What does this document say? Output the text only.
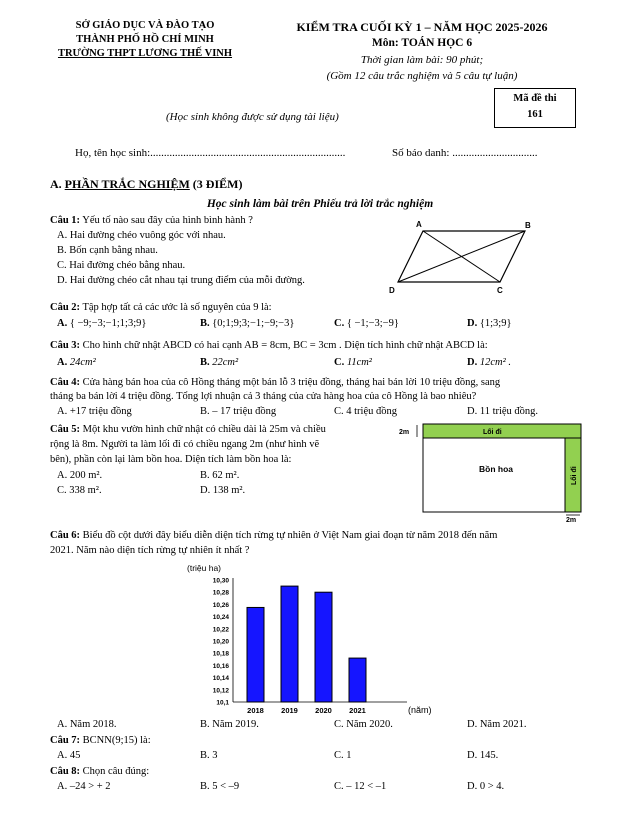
SỞ GIÁO DỤC VÀ ĐÀO TẠO
THÀNH PHỐ HỒ CHÍ MINH
TRƯỜNG THPT LƯƠNG THẾ VINH
KIỂM TRA CUỐI KỲ 1 – NĂM HỌC 2025-2026
Môn: TOÁN HỌC 6
Thời gian làm bài: 90 phút;
(Gồm 12 câu trắc nghiệm và 5 câu tự luận)
(Học sinh không được sử dụng tài liệu)
Mã đề thi
161
Họ, tên học sinh:.......................................................................	Số báo danh: ...............................
A. PHẦN TRẮC NGHIỆM (3 ĐIỂM)
Học sinh làm bài trên Phiếu trả lời trắc nghiệm
Câu 1: Yếu tố nào sau đây của hình bình hành ?
A. Hai đường chéo vuông góc với nhau.
B. Bốn cạnh bằng nhau.
C. Hai đường chéo bằng nhau.
D. Hai đường chéo cắt nhau tại trung điểm của mỗi đường.
A	B
C
D
Câu 2: Tập hợp tất cả các ước là số nguyên của 9 là:
A. { −9;−3;−1;1;3;9}	B. {0;1;9;3;−1;−9;−3}	C. { −1;−3;−9}	D. {1;3;9}
Câu 3: Cho hình chữ nhật ABCD có hai cạnh AB = 8cm, BC = 3cm . Diện tích hình chữ nhật ABCD là:
A. 24cm²	B. 22cm²	C. 11cm²	D. 12cm² .
Câu 4: Cửa hàng bán hoa của cô Hồng tháng một bán lỗ 3 triệu đồng, tháng hai bán lời 10 triệu đồng, sang
tháng ba bán lời 4 triệu đồng. Tổng lợi nhuận cả 3 tháng của cửa hàng hoa của cô Hồng là bao nhiêu?
A. +17 triệu đồng	B. – 17 triệu đồng	C. 4 triệu đồng	D. 11 triệu đồng.
Câu 5: Một khu vườn hình chữ nhật có chiều dài là 25m và chiều
rộng là 8m. Người ta làm lối đi có chiều ngang 2m (như hình vẽ
bên), phần còn lại làm bồn hoa. Diện tích làm bồn hoa là:
A. 200 m².	B. 62 m².
C. 338 m².	D. 138 m².
2m	Lối đi
Bồn hoa	Lối đi
2m
Câu 6: Biểu đồ cột dưới đây biểu diễn diện tích rừng tự nhiên ở Việt Nam giai đoạn từ năm 2018 đến năm
2021. Năm nào diện tích rừng tự nhiên ít nhất ?
(triệu ha)
10,30
10,28
10,26
10,24
10,22
10,20
10,18
10,16
10,14
10,12
10,1
2018 2019 2020 2021	(năm)
A. Năm 2018.	B. Năm 2019.	C. Năm 2020.	D. Năm 2021.
Câu 7: BCNN(9;15) là:
A. 45	B. 3	C. 1	D. 145.
Câu 8: Chọn câu đúng:
A. –24 > + 2	B. 5 < –9	C. – 12 < –1	D. 0 > 4.
